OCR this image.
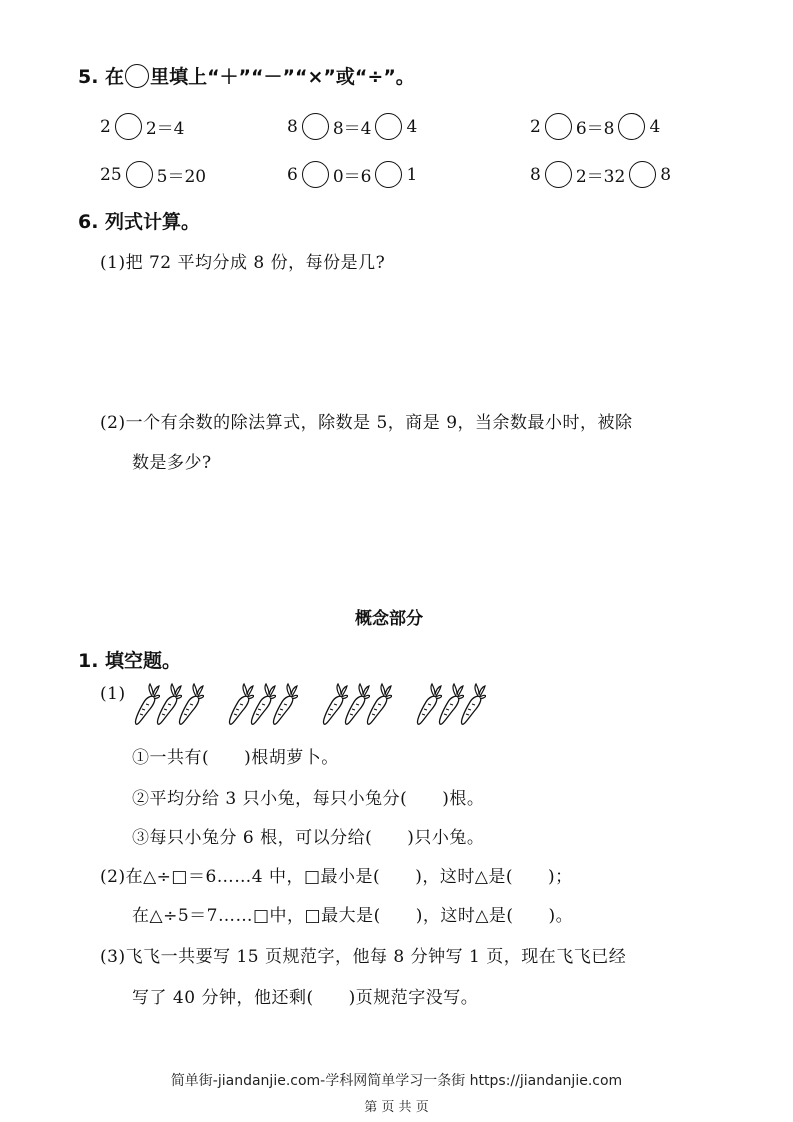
5. 在 里填上“＋”“－”“×”或“÷”。
2 2＝4	8 8＝4 4	2 6＝8 4
25 5＝20	6 0＝6 1	8 2＝32 8
6. 列式计算。
(1)把 72 平均分成 8 份，每份是几?
(2)一个有余数的除法算式，除数是 5，商是 9，当余数最小时，被除
数是多少?
概念部分
1. 填空题。
(1)
①一共有(　　)根胡萝卜。
②平均分给 3 只小兔，每只小兔分(　　)根。
③每只小兔分 6 根，可以分给(　　)只小兔。
(2)在△÷□＝6……4 中，□最小是(　　)，这时△是(　　)；
在△÷5＝7……□中，□最大是(　　)，这时△是(　　)。
(3)飞飞一共要写 15 页规范字，他每 8 分钟写 1 页，现在飞飞已经
写了 40 分钟，他还剩(　　)页规范字没写。
简单街-jiandanjie.com-学科网简单学习一条街 https://jiandanjie.com
第 页 共 页
